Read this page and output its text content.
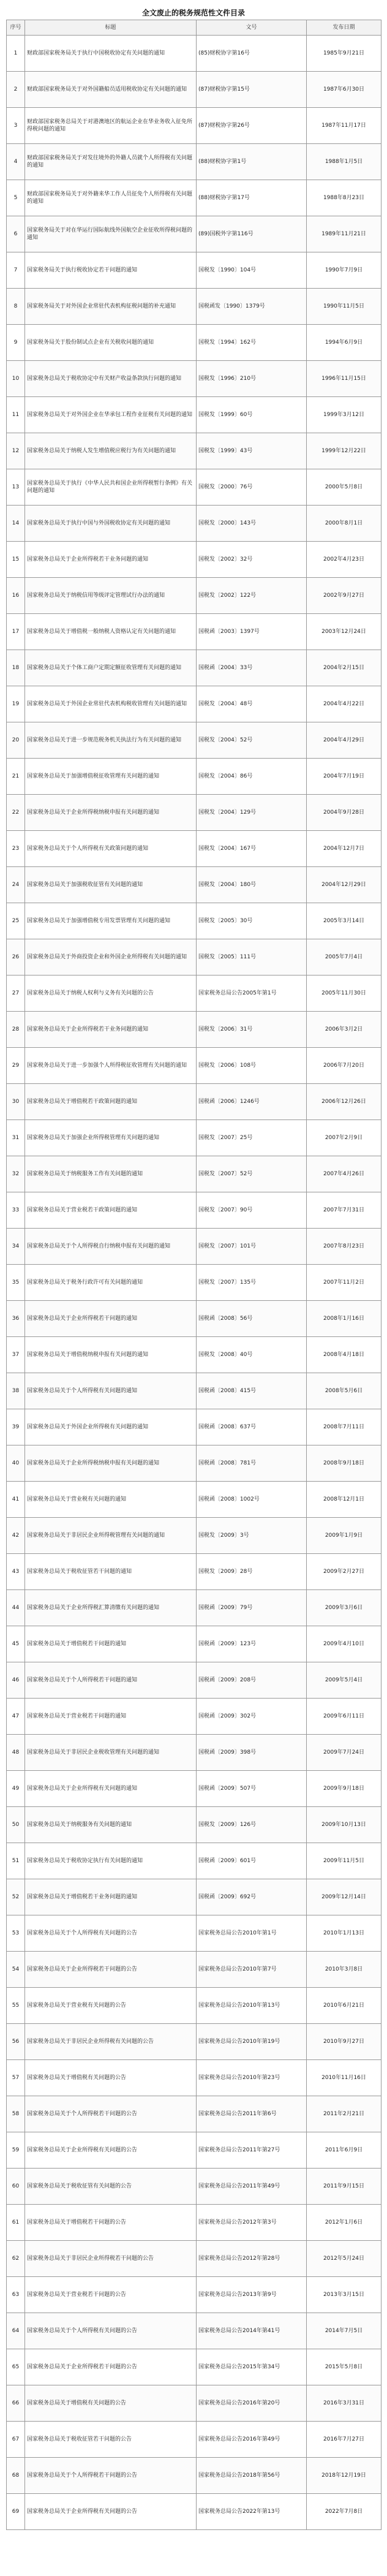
全文废止的税务规范性文件目录
序号	标题	文号	发布日期
1	财政部国家税务局关于执行中国税收协定有关问题的通知	(85)财税协字第16号	1985年9月21日
2	财政部国家税务局关于对外国籍船员适用税收协定有关问题的通知	(87)财税协字第15号	1987年6月30日
3	财政部国家税务总局关于对港澳地区的航运企业在华业务收入征免所得税问题的通知	(87)财税协字第26号	1987年11月17日
4	财政部国家税务局关于对发往境外的外籍人员就个人所得税有关问题的通知	(88)财税协字第1号	1988年1月5日
5	财政部国家税务局关于对外籍来华工作人员征免个人所得税有关问题的通知	(88)财税协字第17号	1988年8月23日
6	国家税务局关于对在华运行国际航线外国航空企业征收所得税问题的通知	(89)国税外字第116号	1989年11月21日
7	国家税务局关于执行税收协定若干问题的通知	国税发〔1990〕104号	1990年7月9日
8	国家税务局关于对外国企业常驻代表机构征税问题的补充通知	国税函发〔1990〕1379号	1990年11月5日
9	国家税务局关于股份制试点企业有关税收问题的通知	国税发〔1994〕162号	1994年6月9日
10	国家税务总局关于税收协定中有关财产收益条款执行问题的通知	国税发〔1996〕210号	1996年11月15日
11	国家税务总局关于对外国企业在华承包工程作业征税有关问题的通知	国税发〔1999〕60号	1999年3月12日
12	国家税务总局关于纳税人发生增值税应税行为有关问题的通知	国税发〔1999〕43号	1999年12月22日
13	国家税务总局关于执行《中华人民共和国企业所得税暂行条例》有关问题的通知	国税发〔2000〕76号	2000年5月8日
14	国家税务总局关于执行中国与外国税收协定有关问题的通知	国税发〔2000〕143号	2000年8月1日
15	国家税务总局关于企业所得税若干业务问题的通知	国税发〔2002〕32号	2002年4月23日
16	国家税务总局关于纳税信用等级评定管理试行办法的通知	国税发〔2002〕122号	2002年9月27日
17	国家税务总局关于增值税一般纳税人资格认定有关问题的通知	国税函〔2003〕1397号	2003年12月24日
18	国家税务总局关于个体工商户定期定额征收管理有关问题的通知	国税函〔2004〕33号	2004年2月15日
19	国家税务总局关于外国企业常驻代表机构税收管理有关问题的通知	国税发〔2004〕48号	2004年4月22日
20	国家税务总局关于进一步规范税务机关执法行为有关问题的通知	国税发〔2004〕52号	2004年4月29日
21	国家税务总局关于加强增值税征收管理有关问题的通知	国税发〔2004〕86号	2004年7月19日
22	国家税务总局关于企业所得税纳税申报有关问题的通知	国税发〔2004〕129号	2004年9月28日
23	国家税务总局关于个人所得税有关政策问题的通知	国税发〔2004〕167号	2004年12月7日
24	国家税务总局关于加强税收征管有关问题的通知	国税发〔2004〕180号	2004年12月29日
25	国家税务总局关于加强增值税专用发票管理有关问题的通知	国税发〔2005〕30号	2005年3月14日
26	国家税务总局关于外商投资企业和外国企业所得税有关问题的通知	国税发〔2005〕111号	2005年7月4日
27	国家税务总局关于纳税人权利与义务有关问题的公告	国家税务总局公告2005年第1号	2005年11月30日
28	国家税务总局关于企业所得税若干业务问题的通知	国税发〔2006〕31号	2006年3月2日
29	国家税务总局关于进一步加强个人所得税征收管理有关问题的通知	国税发〔2006〕108号	2006年7月20日
30	国家税务总局关于增值税若干政策问题的通知	国税函〔2006〕1246号	2006年12月26日
31	国家税务总局关于加强企业所得税管理有关问题的通知	国税发〔2007〕25号	2007年2月9日
32	国家税务总局关于纳税服务工作有关问题的通知	国税发〔2007〕52号	2007年4月26日
33	国家税务总局关于营业税若干政策问题的通知	国税发〔2007〕90号	2007年7月31日
34	国家税务总局关于个人所得税自行纳税申报有关问题的通知	国税发〔2007〕101号	2007年8月23日
35	国家税务总局关于税务行政许可有关问题的通知	国税发〔2007〕135号	2007年11月2日
36	国家税务总局关于企业所得税若干问题的通知	国税函〔2008〕56号	2008年1月16日
37	国家税务总局关于增值税纳税申报有关问题的通知	国税发〔2008〕40号	2008年4月18日
38	国家税务总局关于个人所得税有关问题的通知	国税函〔2008〕415号	2008年5月6日
39	国家税务总局关于外国企业所得税有关问题的通知	国税函〔2008〕637号	2008年7月11日
40	国家税务总局关于企业所得税纳税申报有关问题的通知	国税函〔2008〕781号	2008年9月18日
41	国家税务总局关于营业税有关问题的通知	国税函〔2008〕1002号	2008年12月1日
42	国家税务总局关于非居民企业所得税管理有关问题的通知	国税发〔2009〕3号	2009年1月9日
43	国家税务总局关于税收征管若干问题的通知	国税发〔2009〕28号	2009年2月27日
44	国家税务总局关于企业所得税汇算清缴有关问题的通知	国税函〔2009〕79号	2009年3月6日
45	国家税务总局关于增值税若干问题的通知	国税函〔2009〕123号	2009年4月10日
46	国家税务总局关于个人所得税若干问题的通知	国税函〔2009〕208号	2009年5月4日
47	国家税务总局关于营业税若干问题的通知	国税函〔2009〕302号	2009年6月11日
48	国家税务总局关于非居民企业税收管理有关问题的通知	国税函〔2009〕398号	2009年7月24日
49	国家税务总局关于企业所得税有关问题的通知	国税函〔2009〕507号	2009年9月18日
50	国家税务总局关于纳税服务有关问题的通知	国税发〔2009〕126号	2009年10月13日
51	国家税务总局关于税收协定执行有关问题的通知	国税函〔2009〕601号	2009年11月5日
52	国家税务总局关于增值税若干业务问题的通知	国税函〔2009〕692号	2009年12月14日
53	国家税务总局关于个人所得税有关问题的公告	国家税务总局公告2010年第1号	2010年1月13日
54	国家税务总局关于企业所得税若干问题的公告	国家税务总局公告2010年第7号	2010年3月8日
55	国家税务总局关于营业税有关问题的公告	国家税务总局公告2010年第13号	2010年6月21日
56	国家税务总局关于非居民企业所得税有关问题的公告	国家税务总局公告2010年第19号	2010年9月27日
57	国家税务总局关于增值税有关问题的公告	国家税务总局公告2010年第23号	2010年11月16日
58	国家税务总局关于个人所得税若干问题的公告	国家税务总局公告2011年第6号	2011年2月21日
59	国家税务总局关于企业所得税有关问题的公告	国家税务总局公告2011年第27号	2011年6月9日
60	国家税务总局关于税收征管有关问题的公告	国家税务总局公告2011年第49号	2011年9月15日
61	国家税务总局关于增值税若干问题的公告	国家税务总局公告2012年第3号	2012年1月6日
62	国家税务总局关于非居民企业所得税若干问题的公告	国家税务总局公告2012年第28号	2012年5月24日
63	国家税务总局关于营业税若干问题的公告	国家税务总局公告2013年第9号	2013年3月15日
64	国家税务总局关于个人所得税有关问题的公告	国家税务总局公告2014年第41号	2014年7月5日
65	国家税务总局关于企业所得税若干问题的公告	国家税务总局公告2015年第34号	2015年5月8日
66	国家税务总局关于增值税有关问题的公告	国家税务总局公告2016年第20号	2016年3月31日
67	国家税务总局关于税收征管若干问题的公告	国家税务总局公告2016年第49号	2016年7月27日
68	国家税务总局关于个人所得税若干问题的公告	国家税务总局公告2018年第56号	2018年12月19日
69	国家税务总局关于企业所得税有关问题的公告	国家税务总局公告2022年第13号	2022年7月8日
